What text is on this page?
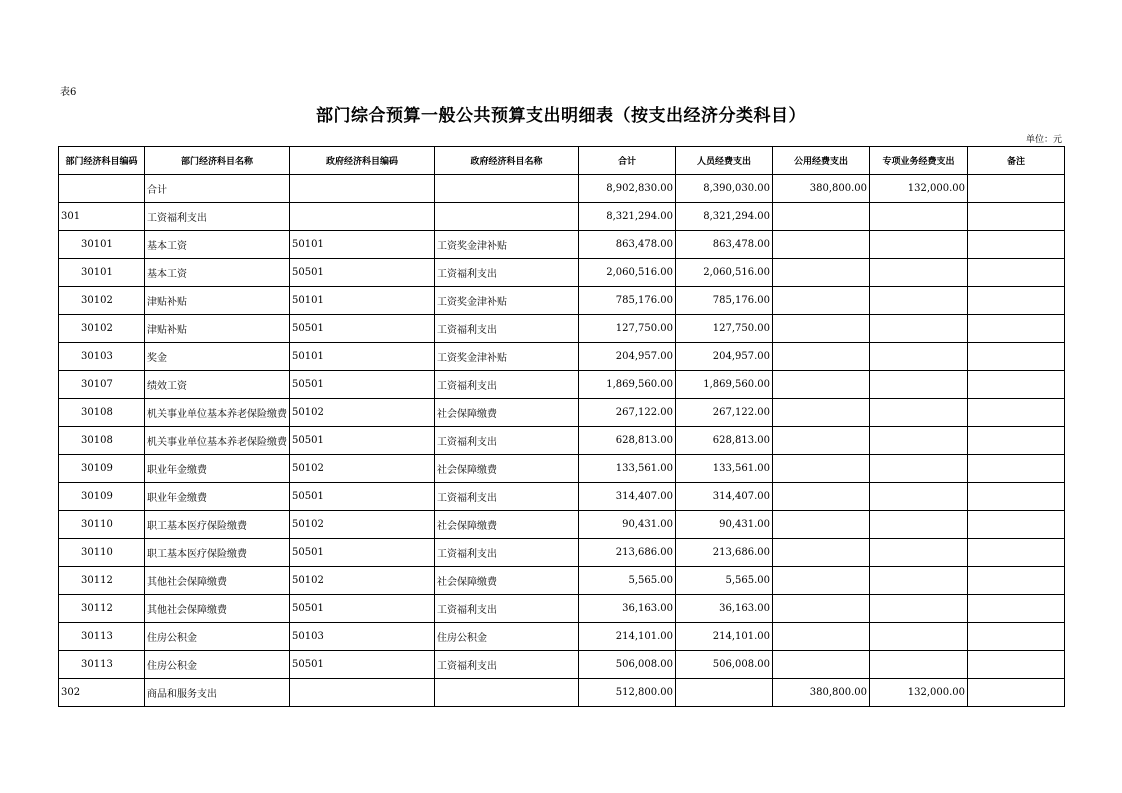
表6
部门综合预算一般公共预算支出明细表（按支出经济分类科目）
单位：元
部门经济科目编码	部门经济科目名称	政府经济科目编码	政府经济科目名称	合计	人员经费支出	公用经费支出	专项业务经费支出	备注
	合计			8,902,830.00	8,390,030.00	380,800.00	132,000.00	
301	工资福利支出			8,321,294.00	8,321,294.00			
30101	基本工资	50101	工资奖金津补贴	863,478.00	863,478.00			
30101	基本工资	50501	工资福利支出	2,060,516.00	2,060,516.00			
30102	津贴补贴	50101	工资奖金津补贴	785,176.00	785,176.00			
30102	津贴补贴	50501	工资福利支出	127,750.00	127,750.00			
30103	奖金	50101	工资奖金津补贴	204,957.00	204,957.00			
30107	绩效工资	50501	工资福利支出	1,869,560.00	1,869,560.00			
30108	机关事业单位基本养老保险缴费	50102	社会保障缴费	267,122.00	267,122.00			
30108	机关事业单位基本养老保险缴费	50501	工资福利支出	628,813.00	628,813.00			
30109	职业年金缴费	50102	社会保障缴费	133,561.00	133,561.00			
30109	职业年金缴费	50501	工资福利支出	314,407.00	314,407.00			
30110	职工基本医疗保险缴费	50102	社会保障缴费	90,431.00	90,431.00			
30110	职工基本医疗保险缴费	50501	工资福利支出	213,686.00	213,686.00			
30112	其他社会保障缴费	50102	社会保障缴费	5,565.00	5,565.00			
30112	其他社会保障缴费	50501	工资福利支出	36,163.00	36,163.00			
30113	住房公积金	50103	住房公积金	214,101.00	214,101.00			
30113	住房公积金	50501	工资福利支出	506,008.00	506,008.00			
302	商品和服务支出			512,800.00		380,800.00	132,000.00	
